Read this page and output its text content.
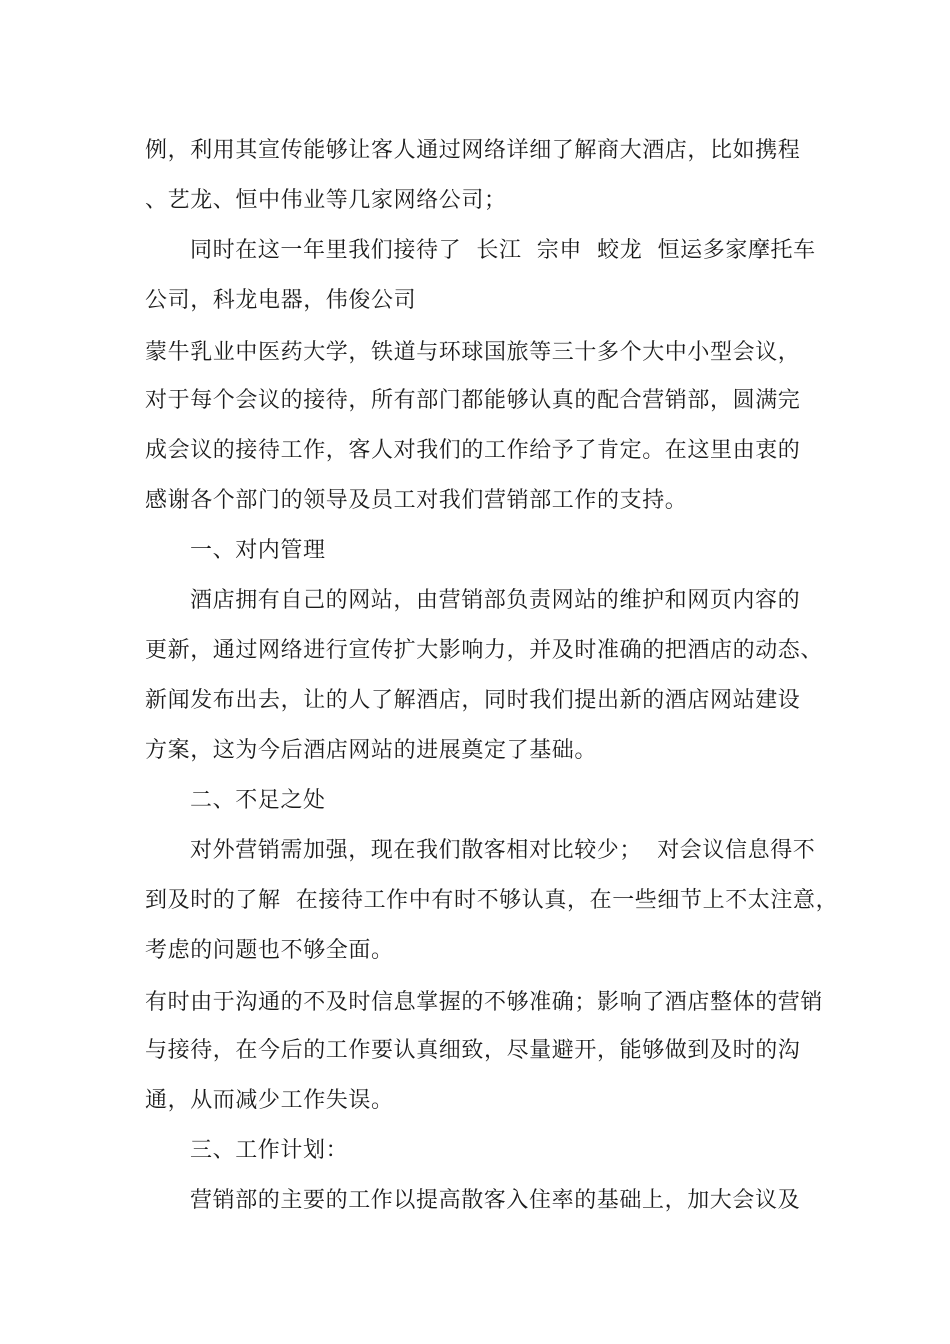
例，利用其宣传能够让客人通过网络详细了解商大酒店，比如携程
、艺龙、恒中伟业等几家网络公司；
同时在这一年里我们接待了  长江  宗申  蛟龙  恒运多家摩托车
公司，科龙电器，伟俊公司
蒙牛乳业中医药大学，铁道与环球国旅等三十多个大中小型会议，
对于每个会议的接待，所有部门都能够认真的配合营销部，圆满完
成会议的接待工作，客人对我们的工作给予了肯定。在这里由衷的
感谢各个部门的领导及员工对我们营销部工作的支持。
一、对内管理
酒店拥有自己的网站，由营销部负责网站的维护和网页内容的
更新，通过网络进行宣传扩大影响力，并及时准确的把酒店的动态、
新闻发布出去，让的人了解酒店，同时我们提出新的酒店网站建设
方案，这为今后酒店网站的进展奠定了基础。
二、不足之处
对外营销需加强，现在我们散客相对比较少；  对会议信息得不
到及时的了解  在接待工作中有时不够认真，在一些细节上不太注意，
考虑的问题也不够全面。
有时由于沟通的不及时信息掌握的不够准确；影响了酒店整体的营销
与接待，在今后的工作要认真细致，尽量避开，能够做到及时的沟
通，从而减少工作失误。
三、工作计划：
营销部的主要的工作以提高散客入住率的基础上，加大会议及
